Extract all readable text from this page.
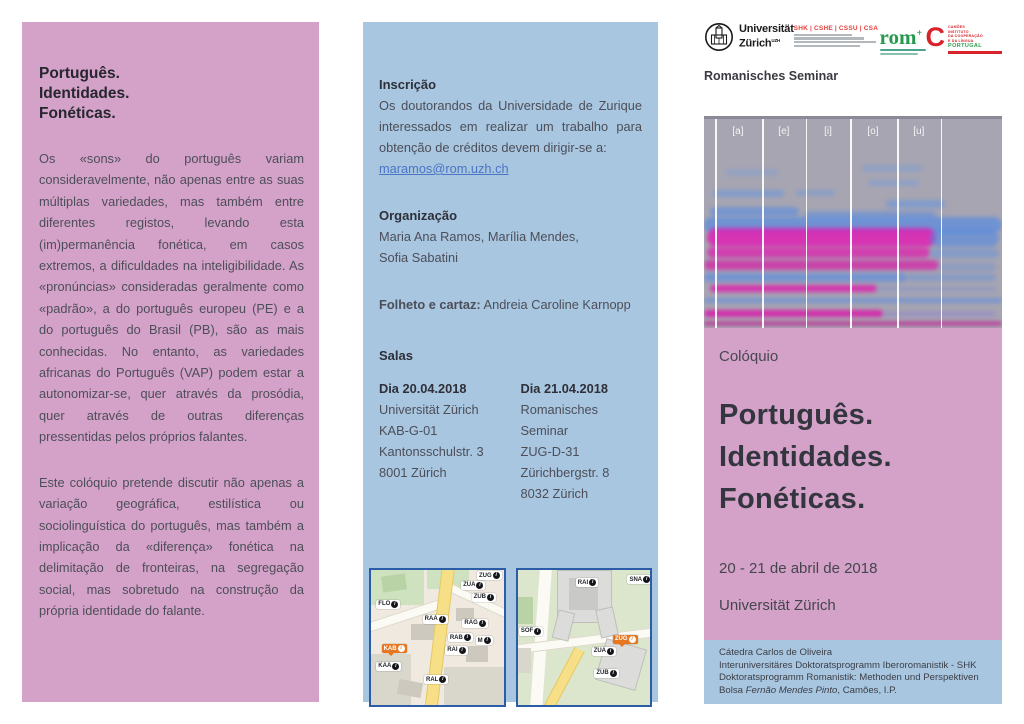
Português.
Identidades.
Fonéticas.

Os «sons» do português variam consideravelmente, não apenas entre as suas múltiplas variedades, mas também entre diferentes registos, levando esta (im)permanência fonética, em casos extremos, a dificuldades na inteligibilidade. As «pronúncias» consideradas geralmente como «padrão», a do português europeu (PE) e a do português do Brasil (PB), são as mais conhecidas. No entanto, as variedades africanas do Português (VAP) podem estar a autonomizar-se, quer através da prosódia, quer através de outras diferenças pressentidas pelos próprios falantes.

Este colóquio pretende discutir não apenas a variação geográfica, estilística ou sociolinguística do português, mas também a implicação da «diferença» fonética na delimitação de fronteiras, na segregação social, mas sobretudo na construção da própria identidade do falante.

Inscrição

Os doutorandos da Universidade de Zurique interessados em realizar um trabalho para obtenção de créditos devem dirigir-se a:

maramos@rom.uzh.ch
Organização
Maria Ana Ramos, Marília Mendes,
Sofia Sabatini

Folheto e cartaz: Andreia Caroline Karnopp

Salas
Dia 20.04.2018
Universität Zürich
KAB-G-01
Kantonsschulstr. 3
8001 Zürich
Dia 21.04.2018
Romanisches Seminar
ZUG-D-31
Zürichbergstr. 8
8032 Zürich
ZUG i
ZUA i
ZUB i
FLO i
RAA i
RAG i
RAB i
M i
RAI i
KAB i
KAA i
RAL i
RAI i	SNA i
SOF i
ZUG i
ZUA i
ZUB i
Universität
Zürich$^{UZH}$
SHK | CSHE | CSSU | CSA rom+ C CAMÕES
INSTITUTO
DA COOPERAÇÃO
E DA LÍNGUA
PORTUGAL
Romanisches Seminar
[a]	[e]	[i]	[o]	[u]
Colóquio
Português.
Identidades.
Fonéticas.
20 - 21 de abril de 2018
Universität Zürich
Cátedra Carlos de Oliveira
Interuniversitäres Doktoratsprogramm Iberoromanistik - SHK
Doktoratsprogramm Romanistik: Methoden und Perspektiven
Bolsa Fernão Mendes Pinto, Camões, I.P.
